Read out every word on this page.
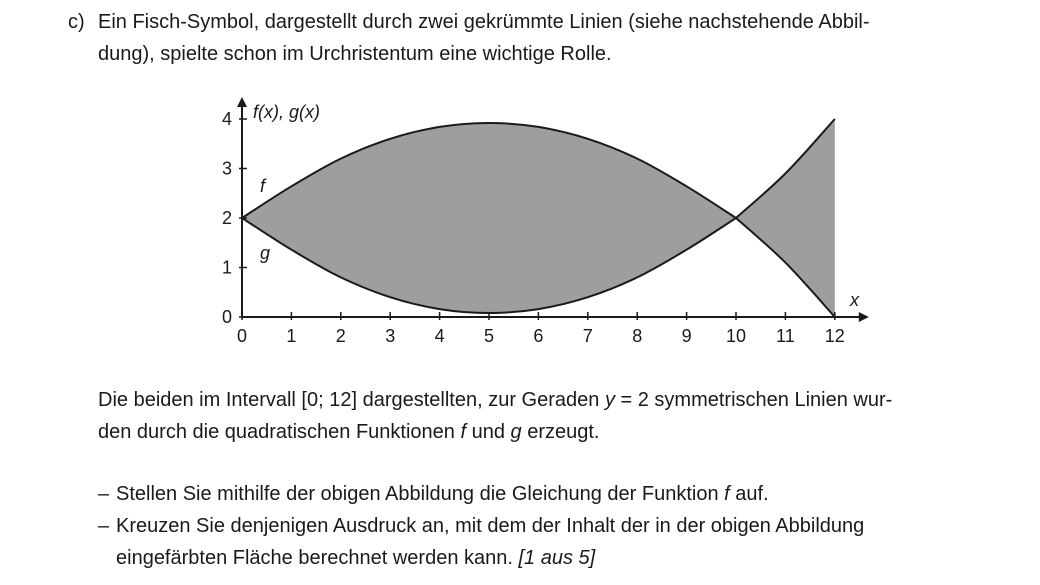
c) Ein Fisch-Symbol, dargestellt durch zwei gekrümmte Linien (siehe nachstehende Abbil-
dung), spielte schon im Urchristentum eine wichtige Rolle.
0 1 2 3 4 5 6 7 8 9 10 11 12
0
1
2
3
4 f(x), g(x)
x
f
g
Die beiden im Intervall [0; 12] dargestellten, zur Geraden y = 2 symmetrischen Linien wur-
den durch die quadratischen Funktionen f und g erzeugt.
– Stellen Sie mithilfe der obigen Abbildung die Gleichung der Funktion f auf.
– Kreuzen Sie denjenigen Ausdruck an, mit dem der Inhalt der in der obigen Abbildung
eingefärbten Fläche berechnet werden kann. [1 aus 5]
